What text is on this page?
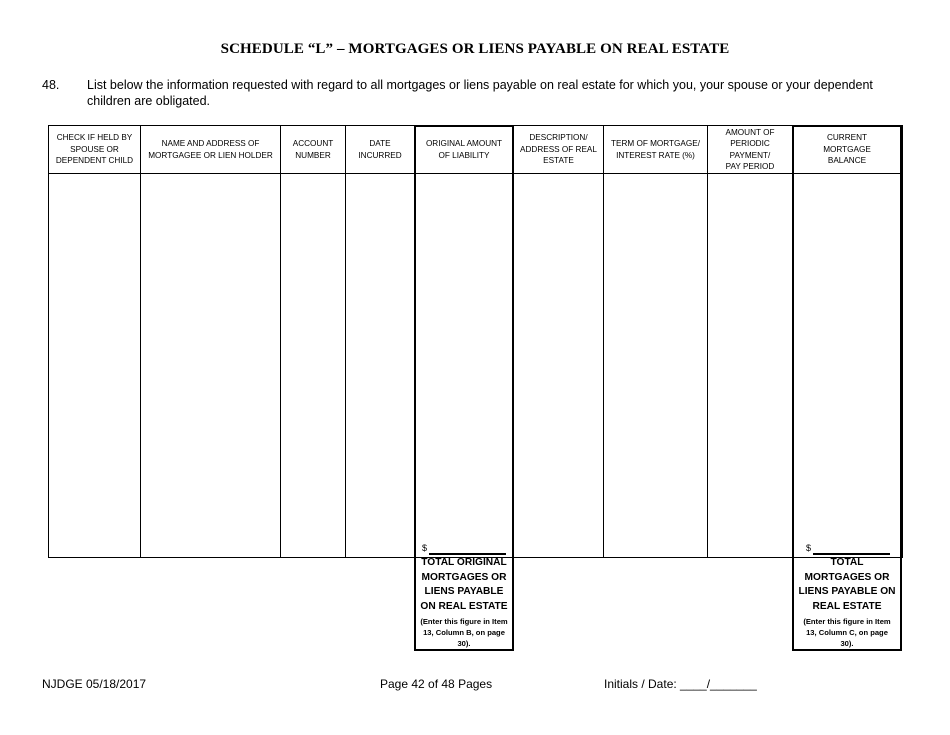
SCHEDULE “L” – MORTGAGES OR LIENS PAYABLE ON REAL ESTATE
48. List below the information requested with regard to all mortgages or liens payable on real estate for which you, your spouse or your dependent children are obligated.
CHECK IF HELD BY SPOUSE OR DEPENDENT CHILD
NAME AND ADDRESS OF MORTGAGEE OR LIEN HOLDER
ACCOUNT NUMBER
DATE INCURRED
ORIGINAL AMOUNT OF LIABILITY
DESCRIPTION/ ADDRESS OF REAL ESTATE
TERM OF MORTGAGE/ INTEREST RATE (%)
AMOUNT OF PERIODIC PAYMENT/ PAY PERIOD
CURRENT MORTGAGE BALANCE
$
TOTAL ORIGINAL MORTGAGES OR LIENS PAYABLE ON REAL ESTATE
(Enter this figure in Item 13, Column B, on page 30).
$
TOTAL MORTGAGES OR LIENS PAYABLE ON REAL ESTATE
(Enter this figure in Item 13, Column C, on page 30).
NJDGE 05/18/2017	Page 42 of 48 Pages	Initials / Date: ____/_______
